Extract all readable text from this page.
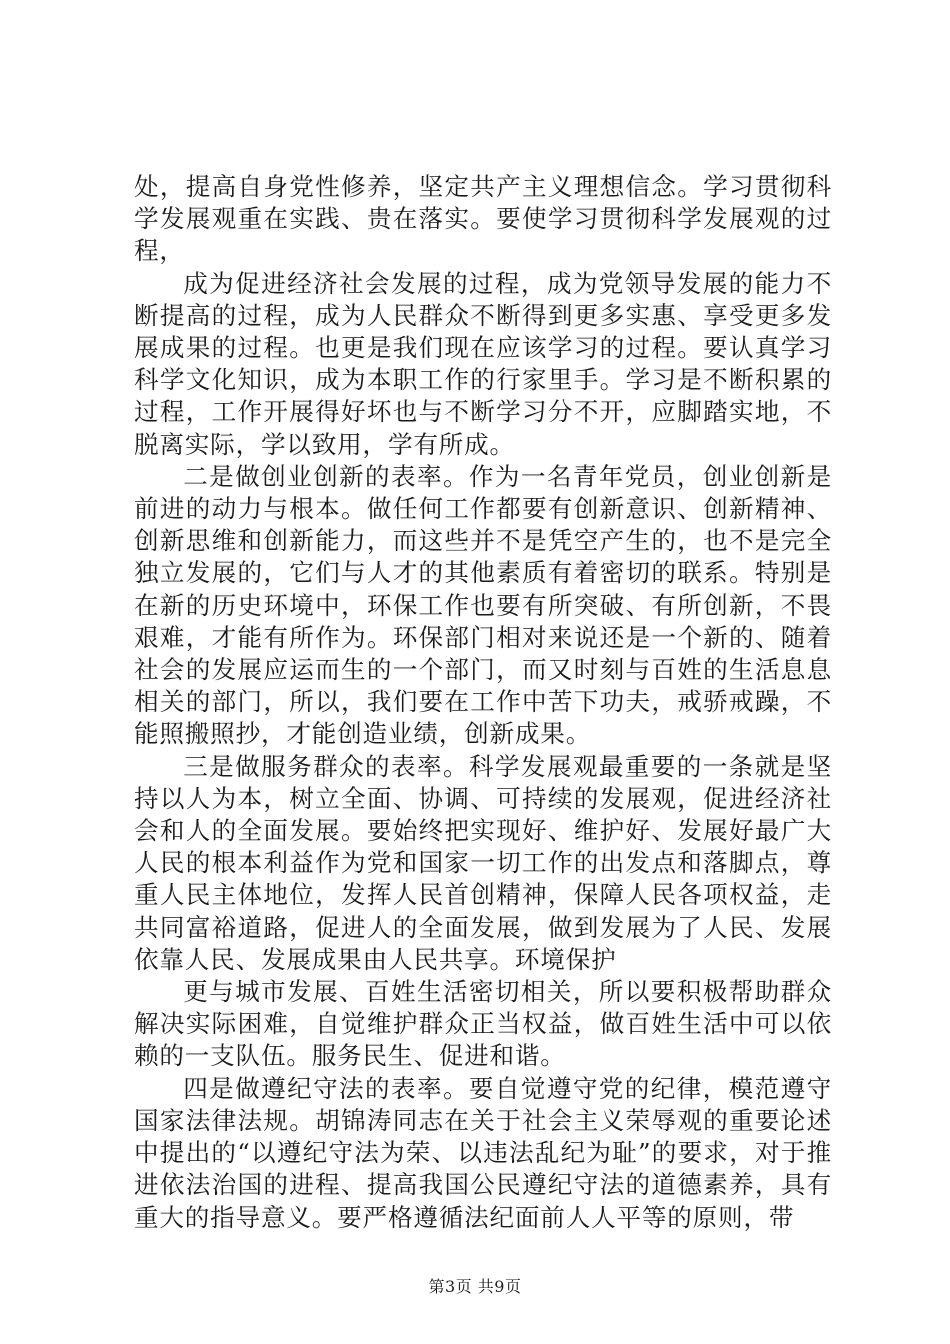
处，提高自身党性修养，坚定共产主义理想信念。学习贯彻科学发展观重在实践、贵在落实。要使学习贯彻科学发展观的过程，

成为促进经济社会发展的过程，成为党领导发展的能力不断提高的过程，成为人民群众不断得到更多实惠、享受更多发展成果的过程。也更是我们现在应该学习的过程。要认真学习科学文化知识，成为本职工作的行家里手。学习是不断积累的过程，工作开展得好坏也与不断学习分不开，应脚踏实地，不脱离实际，学以致用，学有所成。

二是做创业创新的表率。作为一名青年党员，创业创新是前进的动力与根本。做任何工作都要有创新意识、创新精神、创新思维和创新能力，而这些并不是凭空产生的，也不是完全独立发展的，它们与人才的其他素质有着密切的联系。特别是在新的历史环境中，环保工作也要有所突破、有所创新，不畏艰难，才能有所作为。环保部门相对来说还是一个新的、随着社会的发展应运而生的一个部门，而又时刻与百姓的生活息息相关的部门，所以，我们要在工作中苦下功夫，戒骄戒躁，不能照搬照抄，才能创造业绩，创新成果。

三是做服务群众的表率。科学发展观最重要的一条就是坚持以人为本，树立全面、协调、可持续的发展观，促进经济社会和人的全面发展。要始终把实现好、维护好、发展好最广大人民的根本利益作为党和国家一切工作的出发点和落脚点，尊重人民主体地位，发挥人民首创精神，保障人民各项权益，走共同富裕道路，促进人的全面发展，做到发展为了人民、发展依靠人民、发展成果由人民共享。环境保护

更与城市发展、百姓生活密切相关，所以要积极帮助群众解决实际困难，自觉维护群众正当权益，做百姓生活中可以依赖的一支队伍。服务民生、促进和谐。

四是做遵纪守法的表率。要自觉遵守党的纪律，模范遵守国家法律法规。胡锦涛同志在关于社会主义荣辱观的重要论述中提出的“以遵纪守法为荣、以违法乱纪为耻”的要求，对于推进依法治国的进程、提高我国公民遵纪守法的道德素养，具有重大的指导意义。要严格遵循法纪面前人人平等的原则，带

第3页 共9页
